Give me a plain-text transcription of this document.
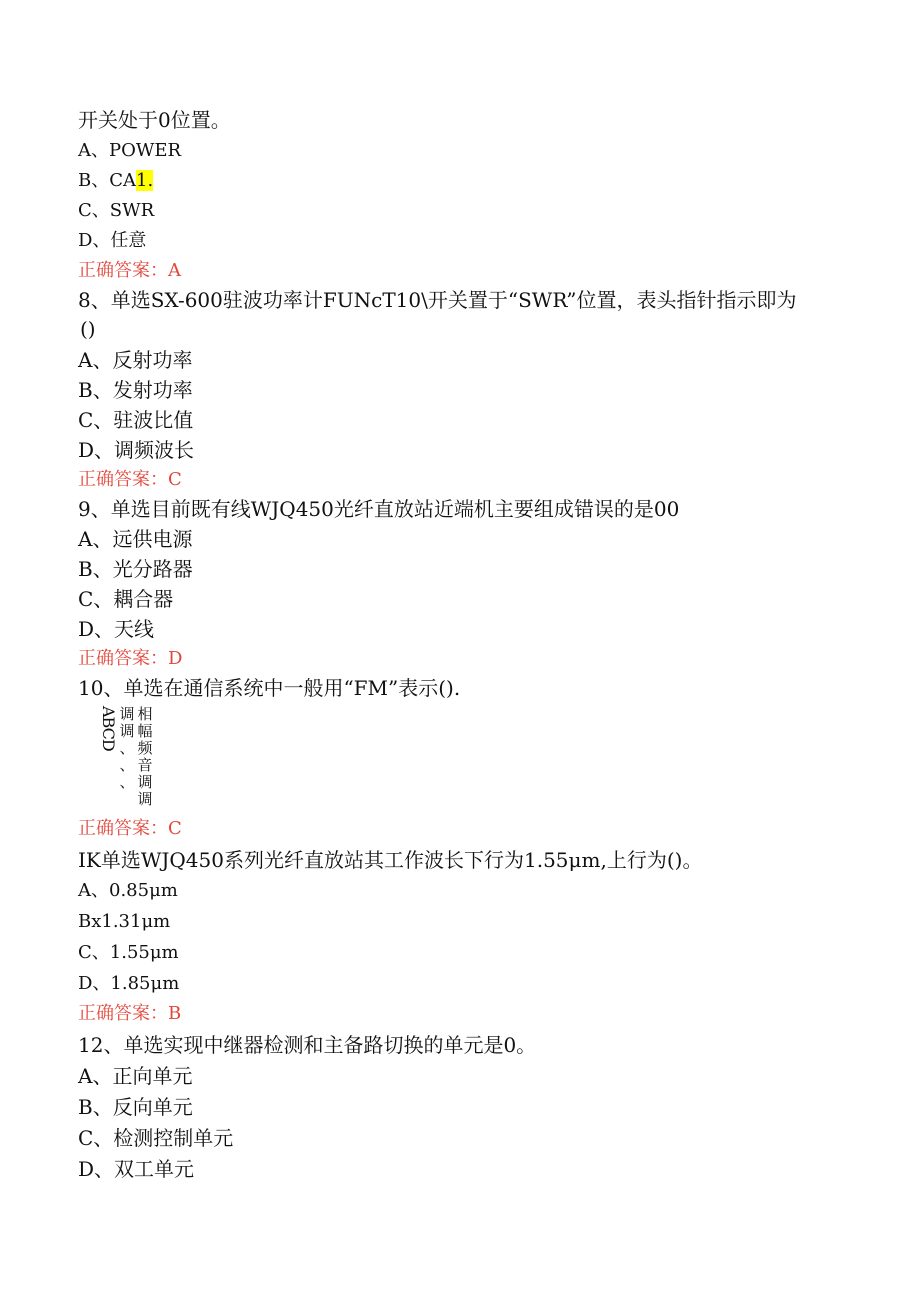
开关处于0位置。
A、POWER
B、CA1.
C、SWR
D、任意
正确答案：A
8、单选SX-600驻波功率计FUNcT10\开关置于“SWR”位置，表头指针指示即为
()
A、反射功率
B、发射功率
C、驻波比值
D、调频波长
正确答案：C
9、单选目前既有线WJQ450光纤直放站近端机主要组成错误的是00
A、远供电源
B、光分路器
C、耦合器
D、天线
正确答案：D
10、单选在通信系统中一般用“FM”表示().
ABCD 调
调
、
、
、
相
幅
频
音
调
调
正确答案：C
IK单选WJQ450系列光纤直放站其工作波长下行为1.55μm,上行为()。
A、0.85μm
Bx1.31μm
C、1.55μm
D、1.85μm
正确答案：B
12、单选实现中继器检测和主备路切换的单元是0。
A、正向单元
B、反向单元
C、检测控制单元
D、双工单元
